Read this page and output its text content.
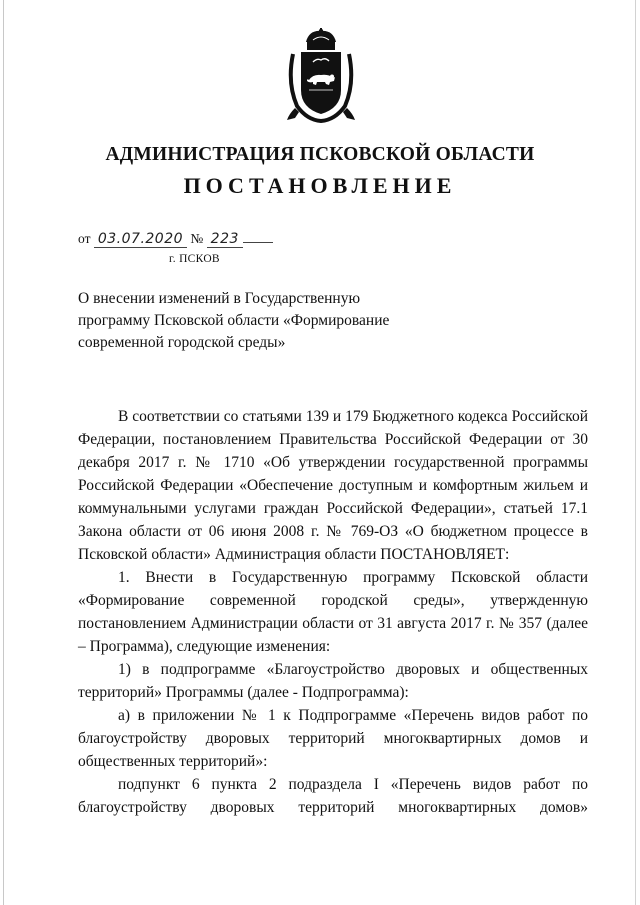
АДМИНИСТРАЦИЯ ПСКОВСКОЙ ОБЛАСТИ
ПОСТАНОВЛЕНИЕ
от 03.07.2020 № 223
г. ПСКОВ
О внесении изменений в Государственную
программу Псковской области «Формирование
современной городской среды»

В соответствии со статьями 139 и 179 Бюджетного кодекса Российской Федерации, постановлением Правительства Российской Федерации от 30 декабря 2017 г. № 1710 «Об утверждении государственной программы Российской Федерации «Обеспечение доступным и комфортным жильем и коммунальными услугами граждан Российской Федерации», статьей 17.1 Закона области от 06 июня 2008 г. № 769-ОЗ «О бюджетном процессе в Псковской области» Администрация области ПОСТАНОВЛЯЕТ:

1. Внести в Государственную программу Псковской области «Формирование современной городской среды», утвержденную постановлением Администрации области от 31 августа 2017 г. № 357 (далее – Программа), следующие изменения:

1) в подпрограмме «Благоустройство дворовых и общественных территорий» Программы (далее - Подпрограмма):

а) в приложении № 1 к Подпрограмме «Перечень видов работ по благоустройству дворовых территорий многоквартирных домов и общественных территорий»:

подпункт 6 пункта 2 подраздела I «Перечень видов работ по благоустройству дворовых территорий многоквартирных домов»
